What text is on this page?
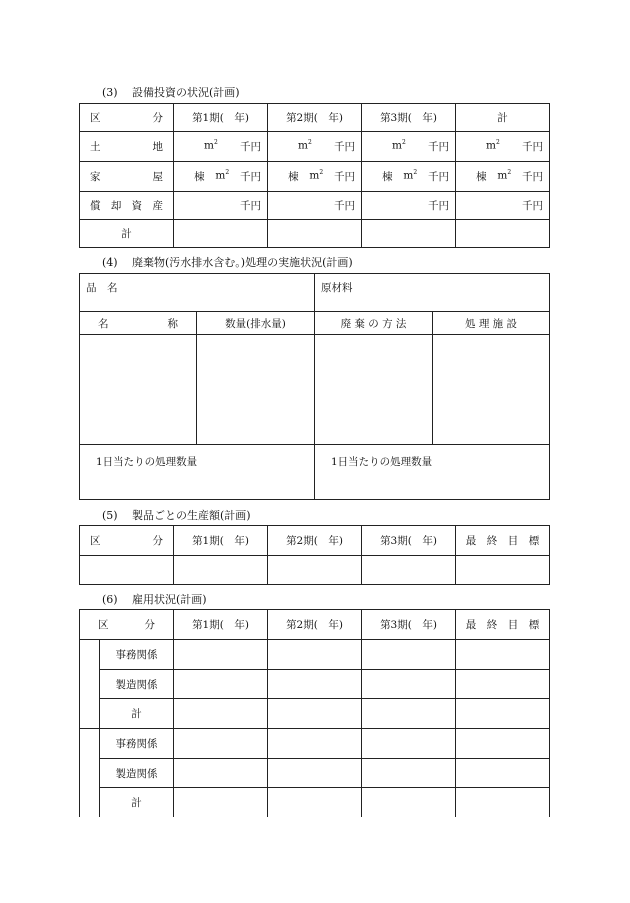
(3) 設備投資の状況(計画)
区　　　分	第1期(　年)	第2期(　年)	第3期(　年)	計
土　　地	$m^2$ 千円	$m^2$ 千円	$m^2$ 千円	$m^2$ 千円

家　　屋	棟 $m^2$ 千円	棟 $m^2$ 千円	棟 $m^2$ 千円	棟 $m^2$ 千円

償却資産	千円	千円	千円	千円
計				
(4) 廃棄物(汚水排水含む。)処理の実施状況(計画)
品　名		原材料	
名　　　称	数量(排水量)	廃 棄 の 方 法	処 理 施 設

1日当たりの処理数量		1日当たりの処理数量	
(5) 製品ごとの生産額(計画)
区　　　分	第1期(　年)	第2期(　年)	第3期(　年)	最　終　目　標

(6) 雇用状況(計画)
区　　　分		第1期(　年)	第2期(　年)	第3期(　年)	最　終　目　標
	事務関係				
	製造関係				
	計				
	事務関係				
	製造関係				
	計				
